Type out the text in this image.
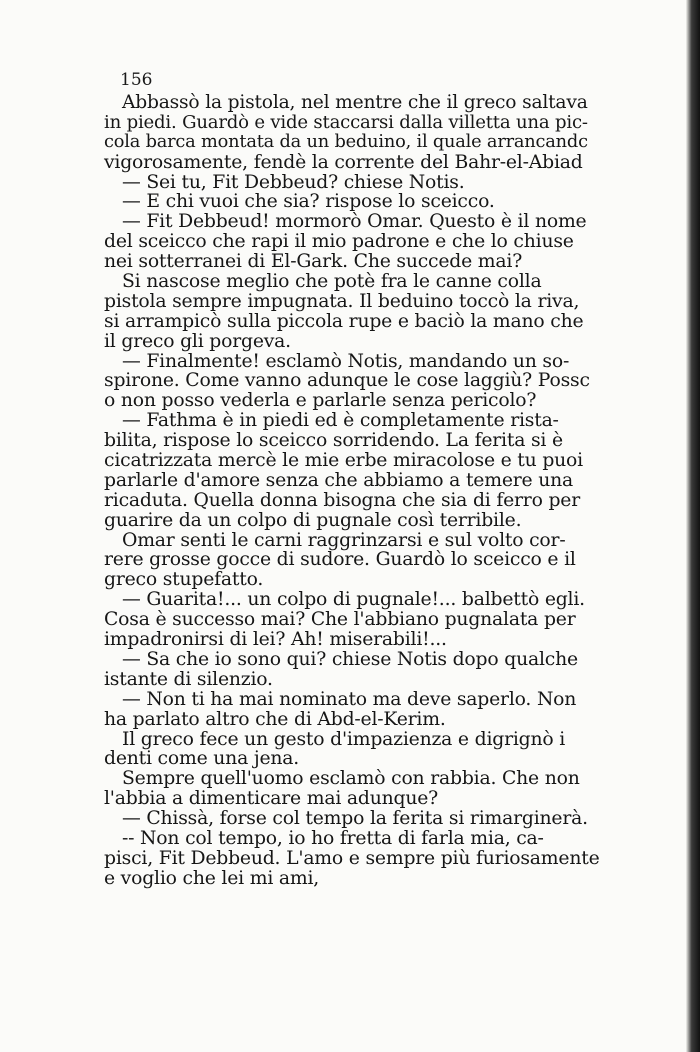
156
Abbassò la pistola, nel mentre che il greco saltava
in piedi. Guardò e vide staccarsi dalla villetta una pic-
cola barca montata da un beduino, il quale arrancandc
vigorosamente, fendè la corrente del Bahr-el-Abiad
— Sei tu, Fit Debbeud? chiese Notis.
— E chi vuoi che sia? rispose lo sceicco.
— Fit Debbeud! mormorò Omar. Questo è il nome
del sceicco che rapi il mio padrone e che lo chiuse
nei sotterranei di El-Gark. Che succede mai?
Si nascose meglio che potè fra le canne colla
pistola sempre impugnata. Il beduino toccò la riva,
si arrampicò sulla piccola rupe e baciò la mano che
il greco gli porgeva.
— Finalmente! esclamò Notis, mandando un so-
spirone. Come vanno adunque le cose laggiù? Possc
o non posso vederla e parlarle senza pericolo?
— Fathma è in piedi ed è completamente rista-
bilita, rispose lo sceicco sorridendo. La ferita si è
cicatrizzata mercè le mie erbe miracolose e tu puoi
parlarle d'amore senza che abbiamo a temere una
ricaduta. Quella donna bisogna che sia di ferro per
guarire da un colpo di pugnale così terribile.
Omar senti le carni raggrinzarsi e sul volto cor-
rere grosse gocce di sudore. Guardò lo sceicco e il
greco stupefatto.
— Guarita!... un colpo di pugnale!... balbettò egli.
Cosa è successo mai? Che l'abbiano pugnalata per
impadronirsi di lei? Ah! miserabili!...
— Sa che io sono qui? chiese Notis dopo qualche
istante di silenzio.
— Non ti ha mai nominato ma deve saperlo. Non
ha parlato altro che di Abd-el-Kerim.
Il greco fece un gesto d'impazienza e digrignò i
denti come una jena.
Sempre quell'uomo esclamò con rabbia. Che non
l'abbia a dimenticare mai adunque?
— Chissà, forse col tempo la ferita si rimarginerà.
-- Non col tempo, io ho fretta di farla mia, ca-
pisci, Fit Debbeud. L'amo e sempre più furiosamente
e voglio che lei mi ami,
